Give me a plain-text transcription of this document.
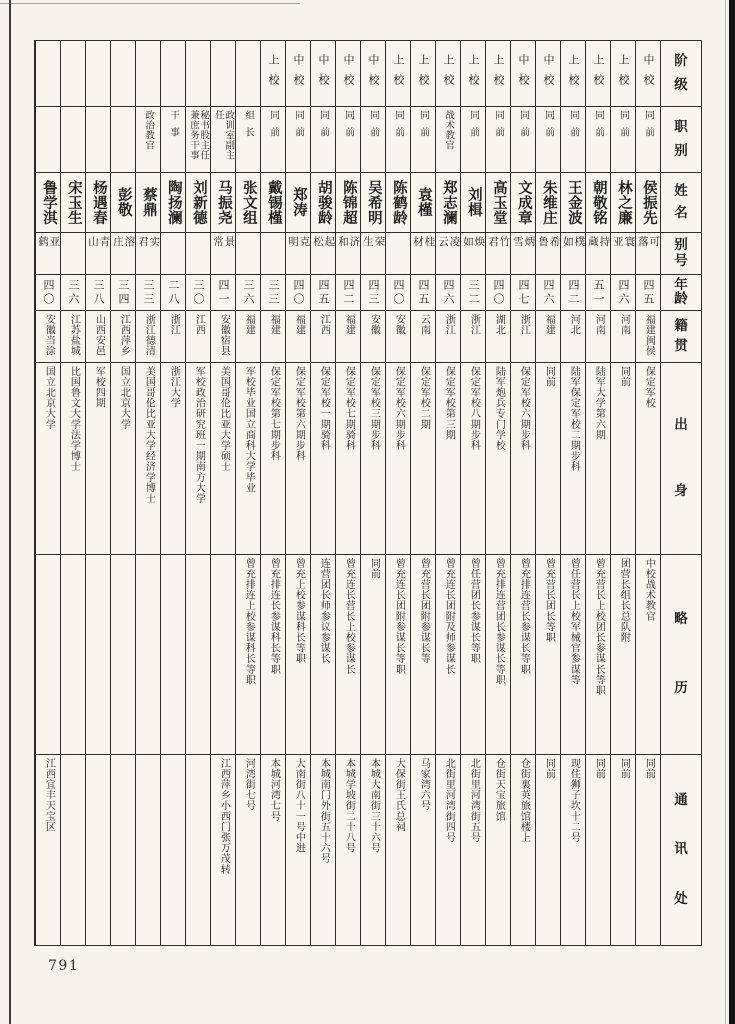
阶
级
职
别
姓
名
别
号
年
龄
籍
贯
出
身
略
历
通
讯
处
中校
同前
侯振先
可落
四五
福建闽侯
保定军校
中校战术教官
同前
上校
同前
林之廉
寰亚
四六
河南
同前
团营长组长总队附
同前
上校
同前
朝敬铭
持蔵
五一
河南
陆军大学第六期
曾充营长上校团长参谋长等职
同前
上校
同前
王金波
樸如
四二
河北
陆军保定军校二期步科
曾任营长上校军械官参谋等
现住狮子坎十二号
中校
同前
朱维庄
希鲁
四六
福建
同前
曾充营长团长等职
同前
中校
同前
文成章
炳雪
四七
浙江
保定军校六期步科
曾充排连营长参谋长等职
仓街裏英旅馆楼上
上校
同前
高玉堂
竹君
四〇
湖北
陆军炮兵专门学校
曾充排连营团长参谋长等职
仓街天宝旅馆
上校
同前
刘楫
焕如
三二
浙江
保定军校八期步科
曾任营团长参谋长等职
北街里河湾街五号
上校
战术教官
郑志澜
凌云
四六
浙江
保定军校第三期
曾充连长团附及师参谋长
北街里河湾街四号
上校
同前
袁槿
桂材
四五
云南
保定军校二期
曾充营长团附参谋长等
马家湾六号
上校
同前
陈鹤龄
四〇
安徽
保定军校六期步科
曾充连长团附参谋长等职
大保街王氏总祠
中校
同前
吴希明
荣生
四三
安徽
保定军校三期步科
同前
本城大南街三十六号
中校
同前
陈锦超
济和
四二
福建
保定军校七期骑科
曾充连长营长上校参谋长
本城学坡街二十八号
中校
同前
胡骏龄
起松
四五
江西
保定军校一期骑科
连营团长师参议参谋长
本城南门外街五十六号
中校
同前
郑涛
克明
四〇
福建
保定军校第六期步科
曾充上校参谋科长等职
大南街八十一号中进
上校
同前
戴锡槿
三三
福建
保定军校第七期步科
曾充排连长参谋科长等职
本城河湾七号
组长
张文组
三六
福建
军校毕业国立商科大学毕业
曾充排连上校参谋科长等职
河湾街七号
政训室副主任
马振尧
景常
四一
安徽宿县
美国哥伦比亚大学硕士
江西萍乡小西门张万茂转
秘书股主任兼庶务干事
刘新德
三〇
江西
军校政治研究班一期南方大学
干事
陶扬澜
二八
浙江
浙江大学
政治教官
蔡鼎
实君
三三
浙江德清
美国哥伦比亚大学经济学博士
彭敬
溶庄
三四
江西萍乡
国立北京大学
杨遇春
青山
三八
山西安邑
军校四期
宋玉生
三六
江苏盐城
比国鲁文大学法学博士
鲁学淇
亚鹤
四〇
安徽当涂
国立北京大学
江西宜丰天宝区
791
